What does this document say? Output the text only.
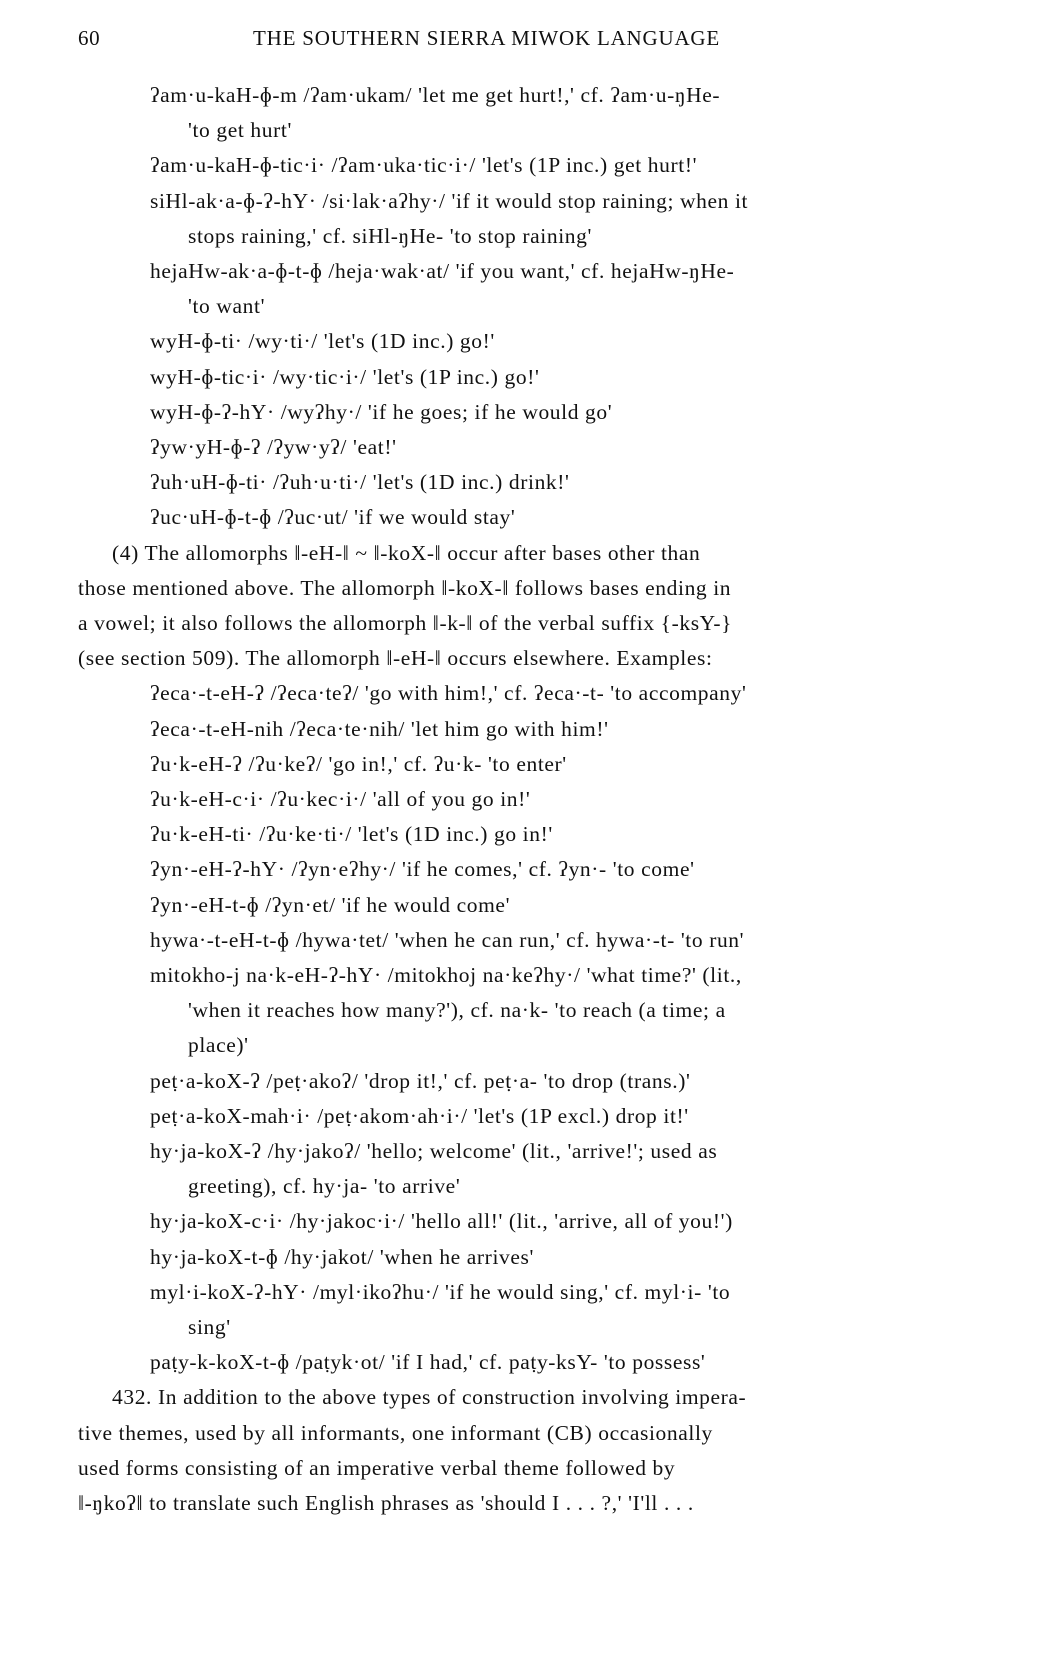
60	THE SOUTHERN SIERRA MIWOK LANGUAGE
ʔam·u-kaH-ɸ-m /ʔam·ukam/ 'let me get hurt!,' cf. ʔam·u-ŋHe-
'to get hurt'
ʔam·u-kaH-ɸ-tic·i· /ʔam·uka·tic·i·/ 'let's (1P inc.) get hurt!'
siHl-ak·a-ɸ-ʔ-hY· /si·lak·aʔhy·/ 'if it would stop raining; when it
stops raining,' cf. siHl-ŋHe- 'to stop raining'
hejaHw-ak·a-ɸ-t-ɸ /heja·wak·at/ 'if you want,' cf. hejaHw-ŋHe-
'to want'
wyH-ɸ-ti· /wy·ti·/ 'let's (1D inc.) go!'
wyH-ɸ-tic·i· /wy·tic·i·/ 'let's (1P inc.) go!'
wyH-ɸ-ʔ-hY· /wyʔhy·/ 'if he goes; if he would go'
ʔyw·yH-ɸ-ʔ /ʔyw·yʔ/ 'eat!'
ʔuh·uH-ɸ-ti· /ʔuh·u·ti·/ 'let's (1D inc.) drink!'
ʔuc·uH-ɸ-t-ɸ /ʔuc·ut/ 'if we would stay'
(4) The allomorphs ‖-eH-‖ ~ ‖-koX-‖ occur after bases other than
those mentioned above. The allomorph ‖-koX-‖ follows bases ending in
a vowel; it also follows the allomorph ‖-k-‖ of the verbal suffix {-ksY-}
(see section 509). The allomorph ‖-eH-‖ occurs elsewhere. Examples:
ʔeca·-t-eH-ʔ /ʔeca·teʔ/ 'go with him!,' cf. ʔeca·-t- 'to accompany'
ʔeca·-t-eH-nih /ʔeca·te·nih/ 'let him go with him!'
ʔu·k-eH-ʔ /ʔu·keʔ/ 'go in!,' cf. ʔu·k- 'to enter'
ʔu·k-eH-c·i· /ʔu·kec·i·/ 'all of you go in!'
ʔu·k-eH-ti· /ʔu·ke·ti·/ 'let's (1D inc.) go in!'
ʔyn·-eH-ʔ-hY· /ʔyn·eʔhy·/ 'if he comes,' cf. ʔyn·- 'to come'
ʔyn·-eH-t-ɸ /ʔyn·et/ 'if he would come'
hywa·-t-eH-t-ɸ /hywa·tet/ 'when he can run,' cf. hywa·-t- 'to run'
mitokho-j na·k-eH-ʔ-hY· /mitokhoj na·keʔhy·/ 'what time?' (lit.,
'when it reaches how many?'), cf. na·k- 'to reach (a time; a
place)'
peṭ·a-koX-ʔ /peṭ·akoʔ/ 'drop it!,' cf. peṭ·a- 'to drop (trans.)'
peṭ·a-koX-mah·i· /peṭ·akom·ah·i·/ 'let's (1P excl.) drop it!'
hy·ja-koX-ʔ /hy·jakoʔ/ 'hello; welcome' (lit., 'arrive!'; used as
greeting), cf. hy·ja- 'to arrive'
hy·ja-koX-c·i· /hy·jakoc·i·/ 'hello all!' (lit., 'arrive, all of you!')
hy·ja-koX-t-ɸ /hy·jakot/ 'when he arrives'
myl·i-koX-ʔ-hY· /myl·ikoʔhu·/ 'if he would sing,' cf. myl·i- 'to
sing'
paṭy-k-koX-t-ɸ /paṭyk·ot/ 'if I had,' cf. paṭy-ksY- 'to possess'
432. In addition to the above types of construction involving impera-
tive themes, used by all informants, one informant (CB) occasionally
used forms consisting of an imperative verbal theme followed by
‖-ŋkoʔ‖ to translate such English phrases as 'should I . . . ?,' 'I'll . . .
